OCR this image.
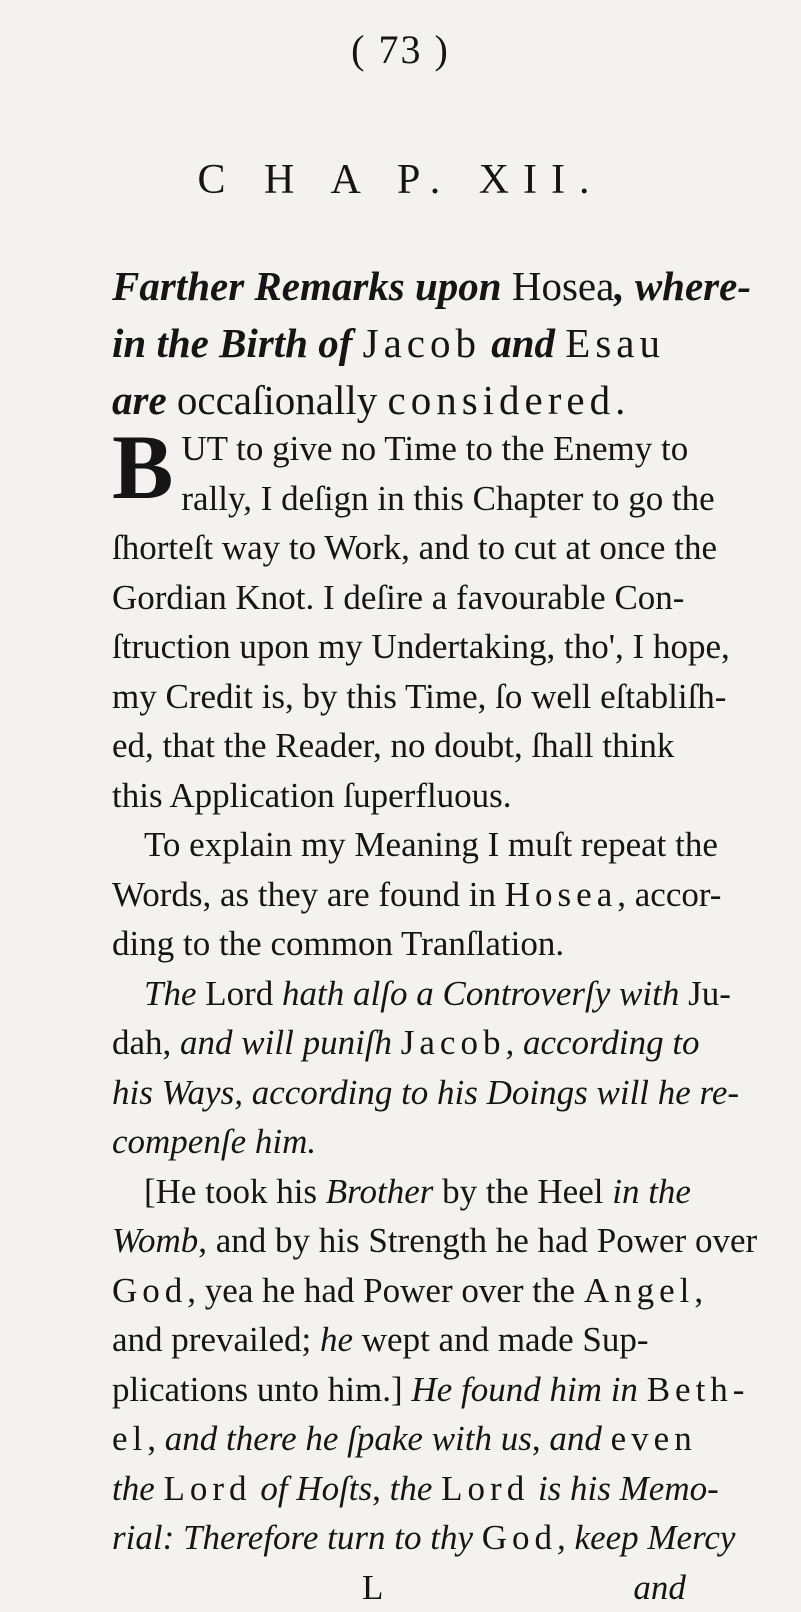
( 73 )
C H A P. XII.
Farther Remarks upon Hosea, where-
in the Birth of Jacob and Esau
are occaſionally considered.
B UT to give no Time to the Enemy to
rally, I deſign in this Chapter to go the
ſhorteſt way to Work, and to cut at once the
Gordian Knot. I deſire a favourable Con-
ſtruction upon my Undertaking, tho', I hope,
my Credit is, by this Time, ſo well eſtabliſh-
ed, that the Reader, no doubt, ſhall think
this Application ſuperfluous.
To explain my Meaning I muſt repeat the
Words, as they are found in Hosea, accor-
ding to the common Tranſlation.
The Lord hath alſo a Controverſy with Ju-
dah, and will puniſh Jacob, according to
his Ways, according to his Doings will he re-
compenſe him.
[He took his Brother by the Heel in the
Womb, and by his Strength he had Power over
God, yea he had Power over the Angel,
and prevailed; he wept and made Sup-
plications unto him.] He found him in Beth-
el, and there he ſpake with us, and even
the Lord of Hoſts, the Lord is his Memo-
rial: Therefore turn to thy God, keep Mercy
L	and
